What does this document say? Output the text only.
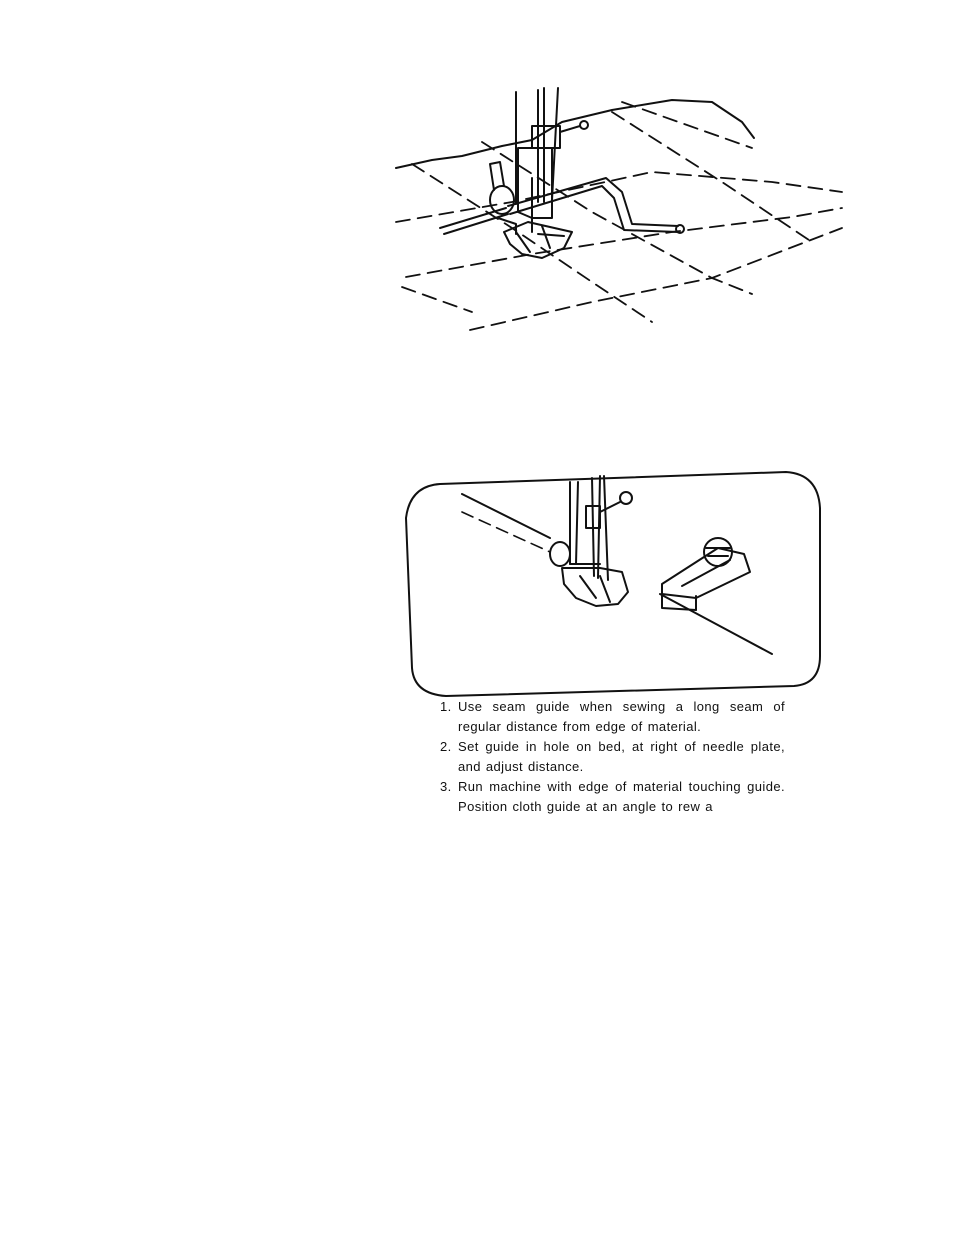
1. Use seam guide when sewing a long seam of regular distance from edge of material.
2. Set guide in hole on bed, at right of needle plate, and adjust distance.
3. Run machine with edge of material touching guide. Position cloth guide at an angle to rew a
